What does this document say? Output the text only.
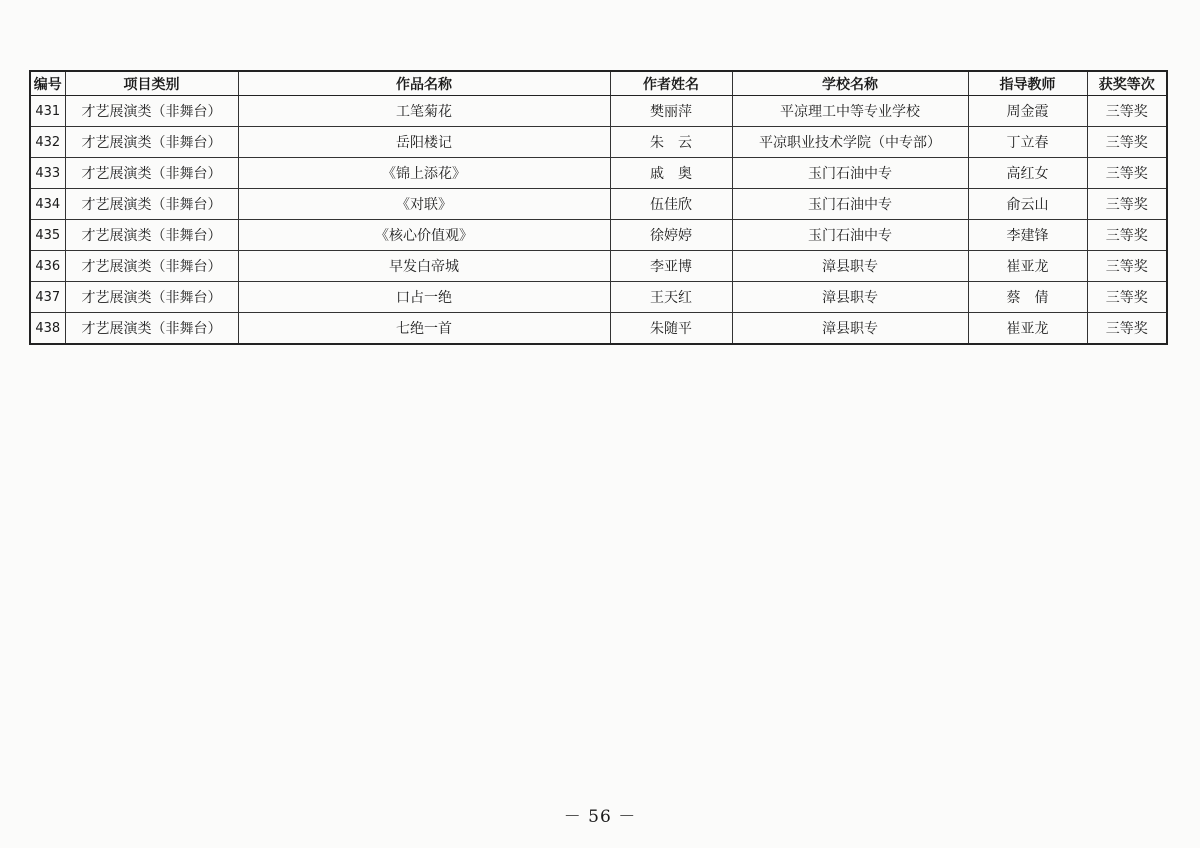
编号	项目类别	作品名称	作者姓名	学校名称	指导教师	获奖等次
431	才艺展演类（非舞台）	工笔菊花	樊丽萍	平凉理工中等专业学校	周金霞	三等奖
432	才艺展演类（非舞台）	岳阳楼记	朱　云	平凉职业技术学院（中专部）	丁立春	三等奖
433	才艺展演类（非舞台）	《锦上添花》	戚　奥	玉门石油中专	高红女	三等奖
434	才艺展演类（非舞台）	《对联》	伍佳欣	玉门石油中专	俞云山	三等奖
435	才艺展演类（非舞台）	《核心价值观》	徐婷婷	玉门石油中专	李建锋	三等奖
436	才艺展演类（非舞台）	早发白帝城	李亚博	漳县职专	崔亚龙	三等奖
437	才艺展演类（非舞台）	口占一绝	王天红	漳县职专	蔡　倩	三等奖
438	才艺展演类（非舞台）	七绝一首	朱随平	漳县职专	崔亚龙	三等奖
－ 56 －
